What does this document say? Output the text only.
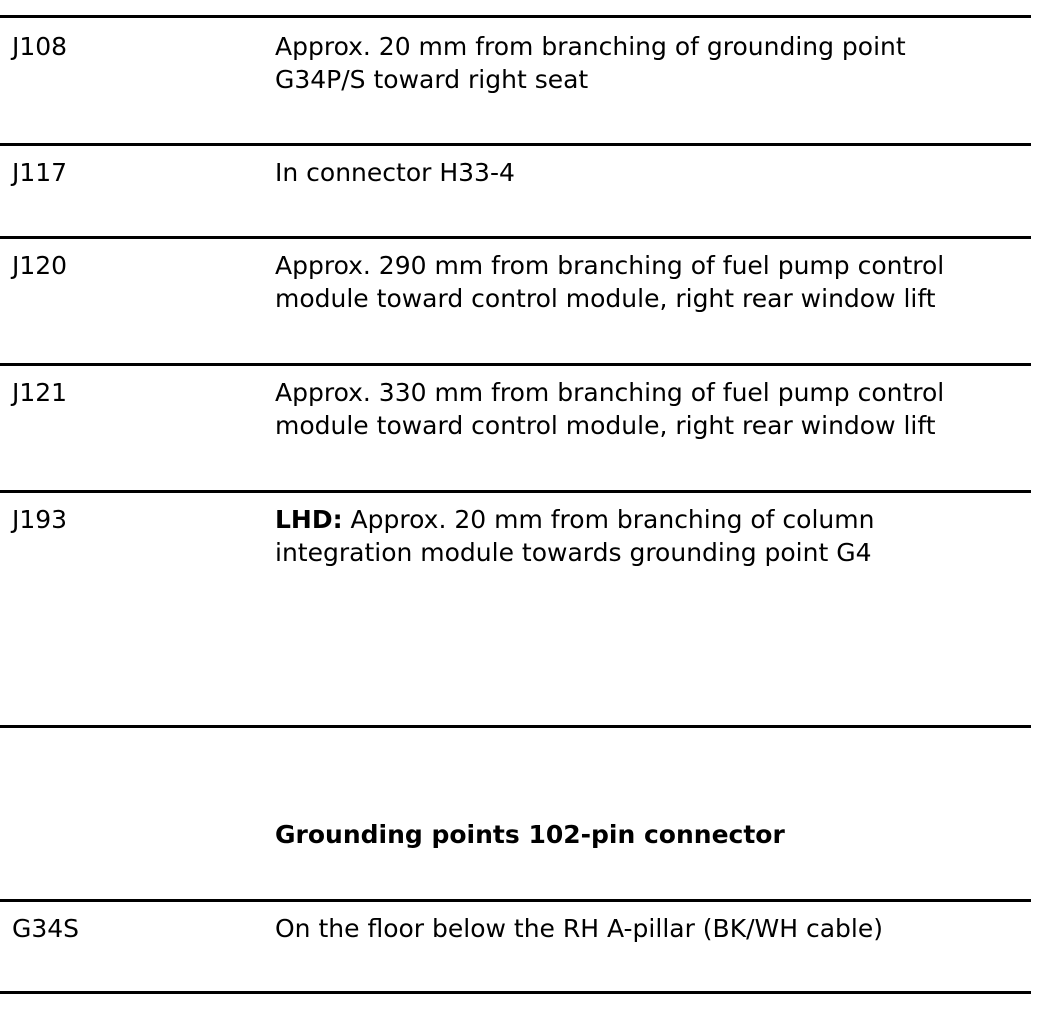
J108	Approx. 20 mm from branching of grounding point
G34P/S toward right seat
J117	In connector H33-4
J120	Approx. 290 mm from branching of fuel pump control
module toward control module, right rear window lift
J121	Approx. 330 mm from branching of fuel pump control
module toward control module, right rear window lift
J193	LHD: Approx. 20 mm from branching of column
integration module towards grounding point G4
Grounding points 102-pin connector
G34S	On the floor below the RH A-pillar (BK/WH cable)
